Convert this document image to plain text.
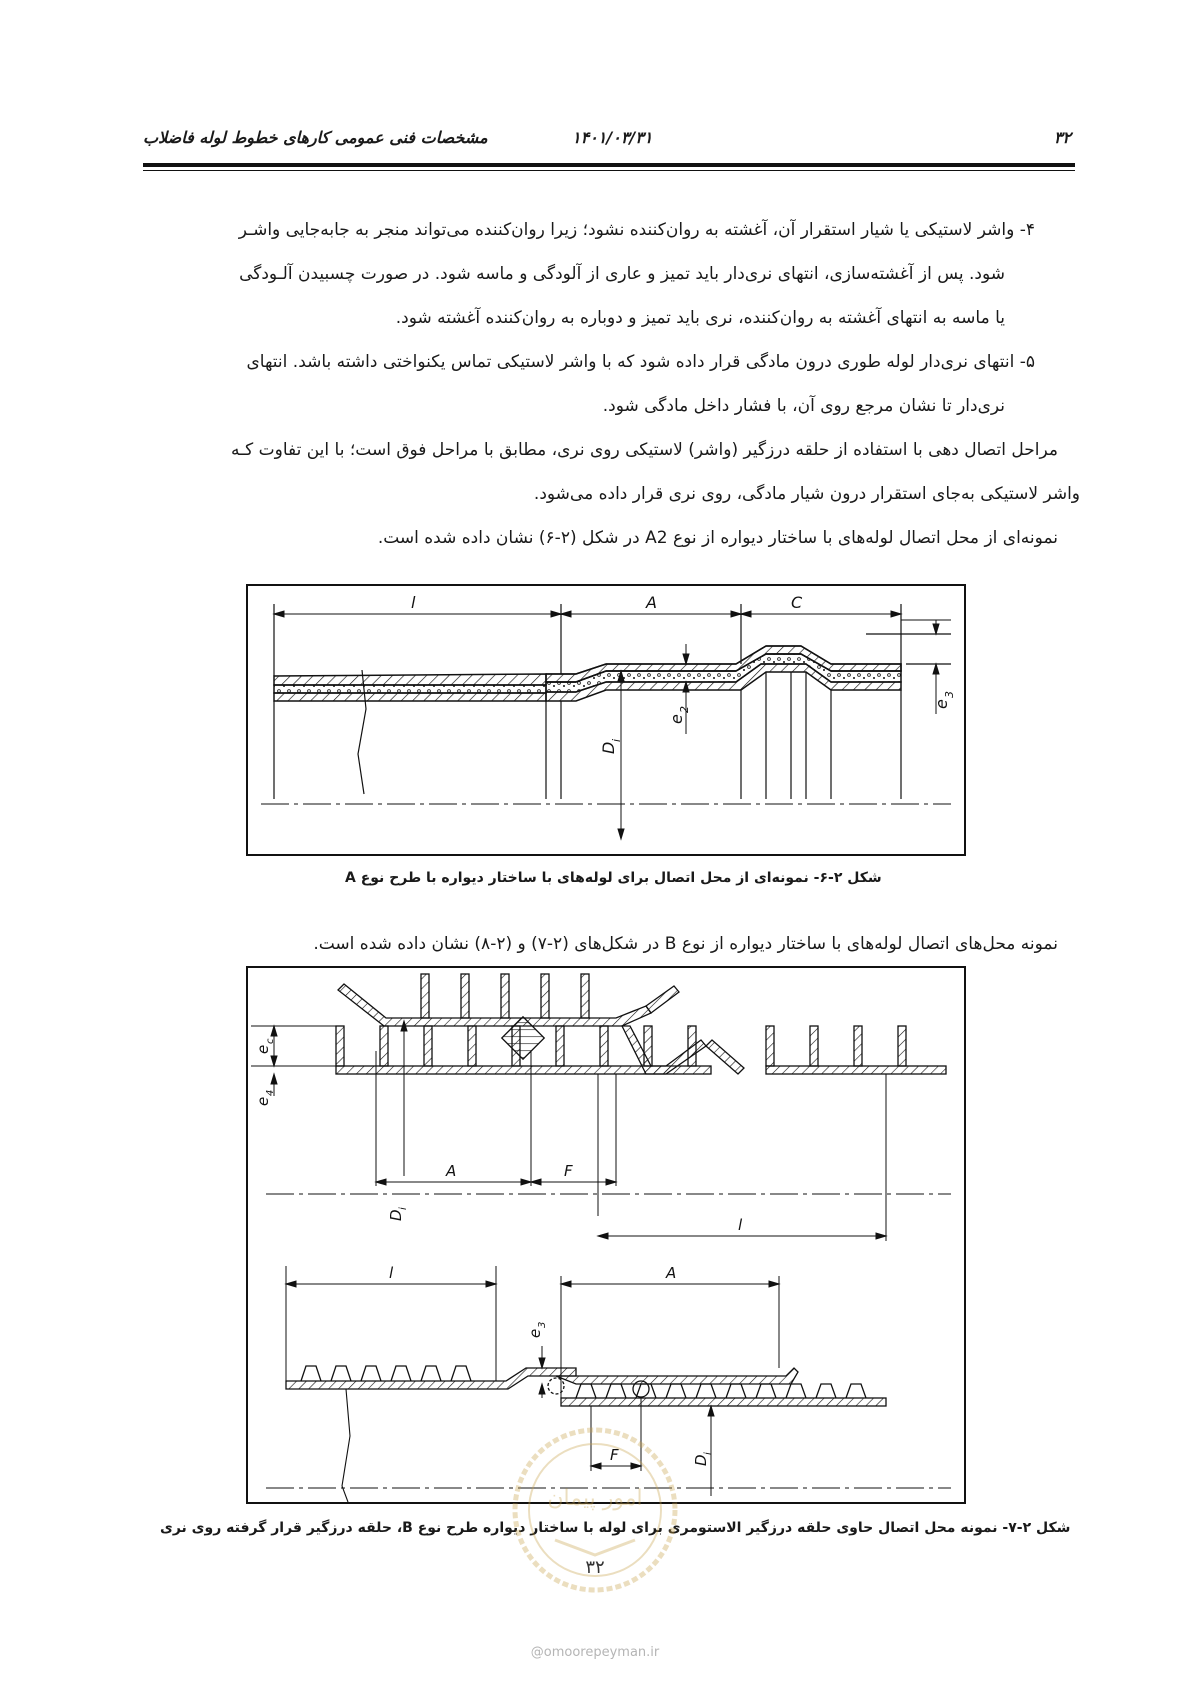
۳۲
۱۴۰۱/۰۳/۳۱
مشخصات فنی عمومی کارهای خطوط لوله فاضلاب
۴- واشر لاستیکی یا شیار استقرار آن، آغشته به روان‌کننده نشود؛ زیرا روان‌کننده می‌تواند منجر به جابه‌جایی واشـر
شود. پس از آغشته‌سازی، انتهای نری‌دار باید تمیز و عاری از آلودگی و ماسه شود. در صورت چسبیدن آلـودگی
یا ماسه به انتهای آغشته به روان‌کننده، نری باید تمیز و دوباره به روان‌کننده آغشته شود.
۵- انتهای نری‌دار لوله طوری درون مادگی قرار داده شود که با واشر لاستیکی تماس یکنواختی داشته باشد. انتهای
نری‌دار تا نشان مرجع روی آن، با فشار داخل مادگی شود.
مراحل اتصال دهی با استفاده از حلقه درزگیر (واشر) لاستیکی روی نری، مطابق با مراحل فوق است؛ با این تفاوت کـه
واشر لاستیکی به‌جای استقرار درون شیار مادگی، روی نری قرار داده می‌شود.
نمونه‌ای از محل اتصال لوله‌های با ساختار دیواره از نوع A2 در شکل (۲-۶) نشان داده شده است.
l	A	C
e
2
e
3
D
i
شکل ۲-۶- نمونه‌ای از محل اتصال برای لوله‌های با ساختار دیواره با طرح نوع A
نمونه محل‌های اتصال لوله‌های با ساختار دیواره از نوع B در شکل‌های (۲-۷) و (۲-۸) نشان داده شده است.
e
c
e
4
A	F
D
i
l
l
e
3
A
F	D
i
شکل ۲-۷- نمونه محل اتصال حاوی حلقه درزگیر الاستومری برای لوله با ساختار دیواره طرح نوع B، حلقه درزگیر قرار گرفته روی نری
امور پیمان
۳۲
@omoorepeyman.ir
